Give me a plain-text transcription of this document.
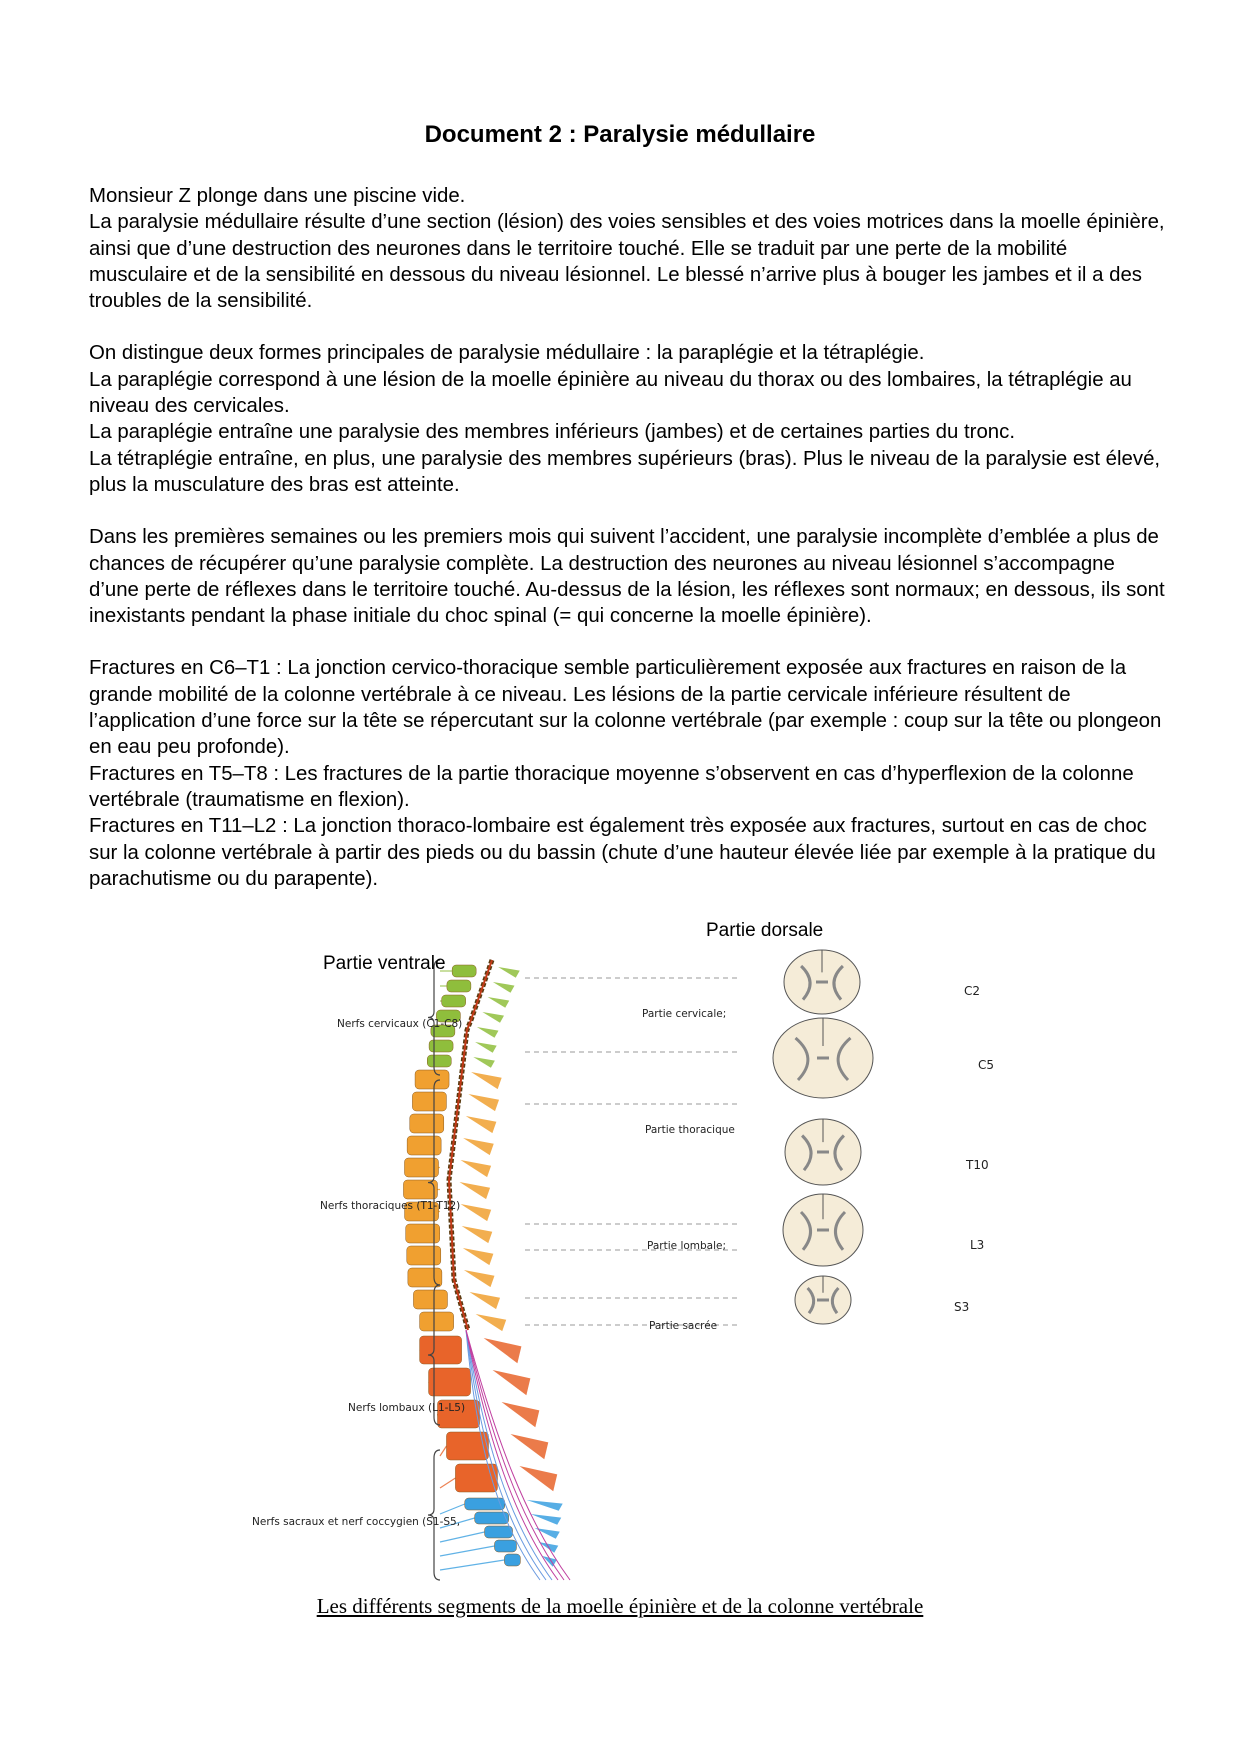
Document 2 : Paralysie médullaire

Monsieur Z plonge dans une piscine vide.

La paralysie médullaire résulte d’une section (lésion) des voies sensibles et des voies motrices dans la moelle épinière, ainsi que d’une destruction des neurones dans le territoire touché. Elle se traduit par une perte de la mobilité musculaire et de la sensibilité en dessous du niveau lésionnel. Le blessé n’arrive plus à bouger les jambes et il a des troubles de la sensibilité.

On distingue deux formes principales de paralysie médullaire : la paraplégie et la tétraplégie.

La paraplégie correspond à une lésion de la moelle épinière au niveau du thorax ou des lombaires, la tétraplégie au niveau des cervicales.

La paraplégie entraîne une paralysie des membres inférieurs (jambes) et de certaines parties du tronc.

La tétraplégie entraîne, en plus, une paralysie des membres supérieurs (bras). Plus le niveau de la paralysie est élevé, plus la musculature des bras est atteinte.

Dans les premières semaines ou les premiers mois qui suivent l’accident, une paralysie incomplète d’emblée a plus de chances de récupérer qu’une paralysie complète. La destruction des neurones au niveau lésionnel s’accompagne d’une perte de réflexes dans le territoire touché. Au-dessus de la lésion, les réflexes sont normaux; en dessous, ils sont inexistants pendant la phase initiale du choc spinal (= qui concerne la moelle épinière).

Fractures en C6–T1 : La jonction cervico-thoracique semble particulièrement exposée aux fractures en raison de la grande mobilité de la colonne vertébrale à ce niveau. Les lésions de la partie cervicale inférieure résultent de l’application d’une force sur la tête se répercutant sur la colonne vertébrale (par exemple : coup sur la tête ou plongeon en eau peu profonde).

Fractures en T5–T8 : Les fractures de la partie thoracique moyenne s’observent en cas d’hyperflexion de la colonne vertébrale (traumatisme en flexion).

Fractures en T11–L2 : La jonction thoraco-lombaire est également très exposée aux fractures, surtout en cas de choc sur la colonne vertébrale à partir des pieds ou du bassin (chute d’une hauteur élevée liée par exemple à la pratique du parachutisme ou du parapente).

Partie dorsale
Partie ventrale
Nerfs cervicaux (C1-C8)
Nerfs thoraciques (T1-T12)
Nerfs lombaux (L1-L5)
Nerfs sacraux et nerf coccygien (S1-S5,
Partie cervicale;
Partie thoracique
Partie lombale;
Partie sacrée
C2
C5
T10
L3
S3
Les différents segments de la moelle épinière et de la colonne vertébrale
